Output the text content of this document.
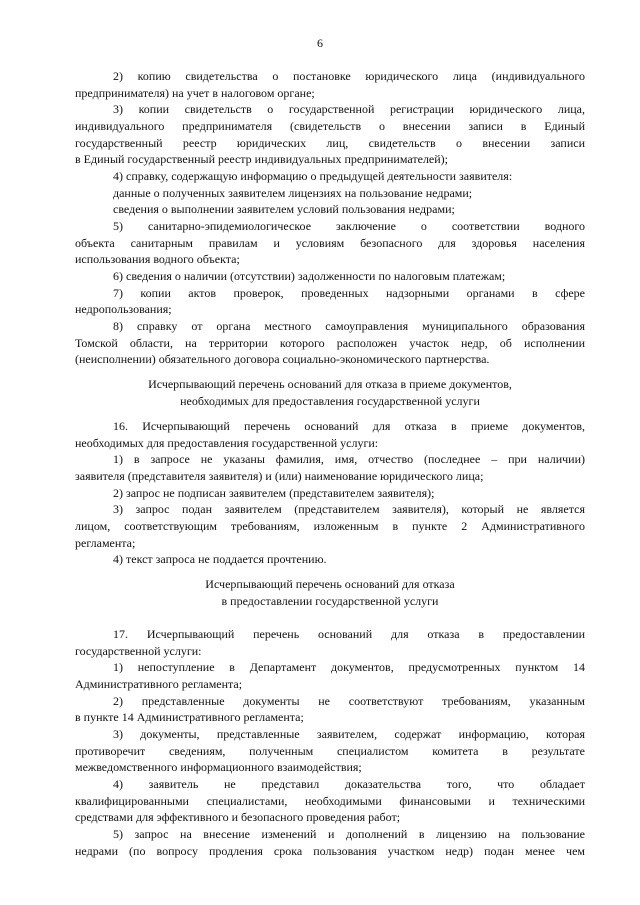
6
2) копию свидетельства о постановке юридического лица (индивидуального
предпринимателя) на учет в налоговом органе;
3) копии свидетельств о государственной регистрации юридического лица,
индивидуального предпринимателя (свидетельств о внесении записи в Единый
государственный реестр юридических лиц, свидетельств о внесении записи
в Единый государственный реестр индивидуальных предпринимателей);
4) справку, содержащую информацию о предыдущей деятельности заявителя:
данные о полученных заявителем лицензиях на пользование недрами;
сведения о выполнении заявителем условий пользования недрами;
5) санитарно-эпидемиологическое заключение о соответствии водного
объекта санитарным правилам и условиям безопасного для здоровья населения
использования водного объекта;
6) сведения о наличии (отсутствии) задолженности по налоговым платежам;
7) копии актов проверок, проведенных надзорными органами в сфере
недропользования;
8) справку от органа местного самоуправления муниципального образования
Томской области, на территории которого расположен участок недр, об исполнении
(неисполнении) обязательного договора социально-экономического партнерства.
Исчерпывающий перечень оснований для отказа в приеме документов,
необходимых для предоставления государственной услуги
16. Исчерпывающий перечень оснований для отказа в приеме документов,
необходимых для предоставления государственной услуги:
1) в запросе не указаны фамилия, имя, отчество (последнее – при наличии)
заявителя (представителя заявителя) и (или) наименование юридического лица;
2) запрос не подписан заявителем (представителем заявителя);
3) запрос подан заявителем (представителем заявителя), который не является
лицом, соответствующим требованиям, изложенным в пункте 2 Административного
регламента;
4) текст запроса не поддается прочтению.
Исчерпывающий перечень оснований для отказа
в предоставлении государственной услуги
17. Исчерпывающий перечень оснований для отказа в предоставлении
государственной услуги:
1) непоступление в Департамент документов, предусмотренных пунктом 14
Административного регламента;
2) представленные документы не соответствуют требованиям, указанным
в пункте 14 Административного регламента;
3) документы, представленные заявителем, содержат информацию, которая
противоречит сведениям, полученным специалистом комитета в результате
межведомственного информационного взаимодействия;
4) заявитель не представил доказательства того, что обладает
квалифицированными специалистами, необходимыми финансовыми и техническими
средствами для эффективного и безопасного проведения работ;
5) запрос на внесение изменений и дополнений в лицензию на пользование
недрами (по вопросу продления срока пользования участком недр) подан менее чем
